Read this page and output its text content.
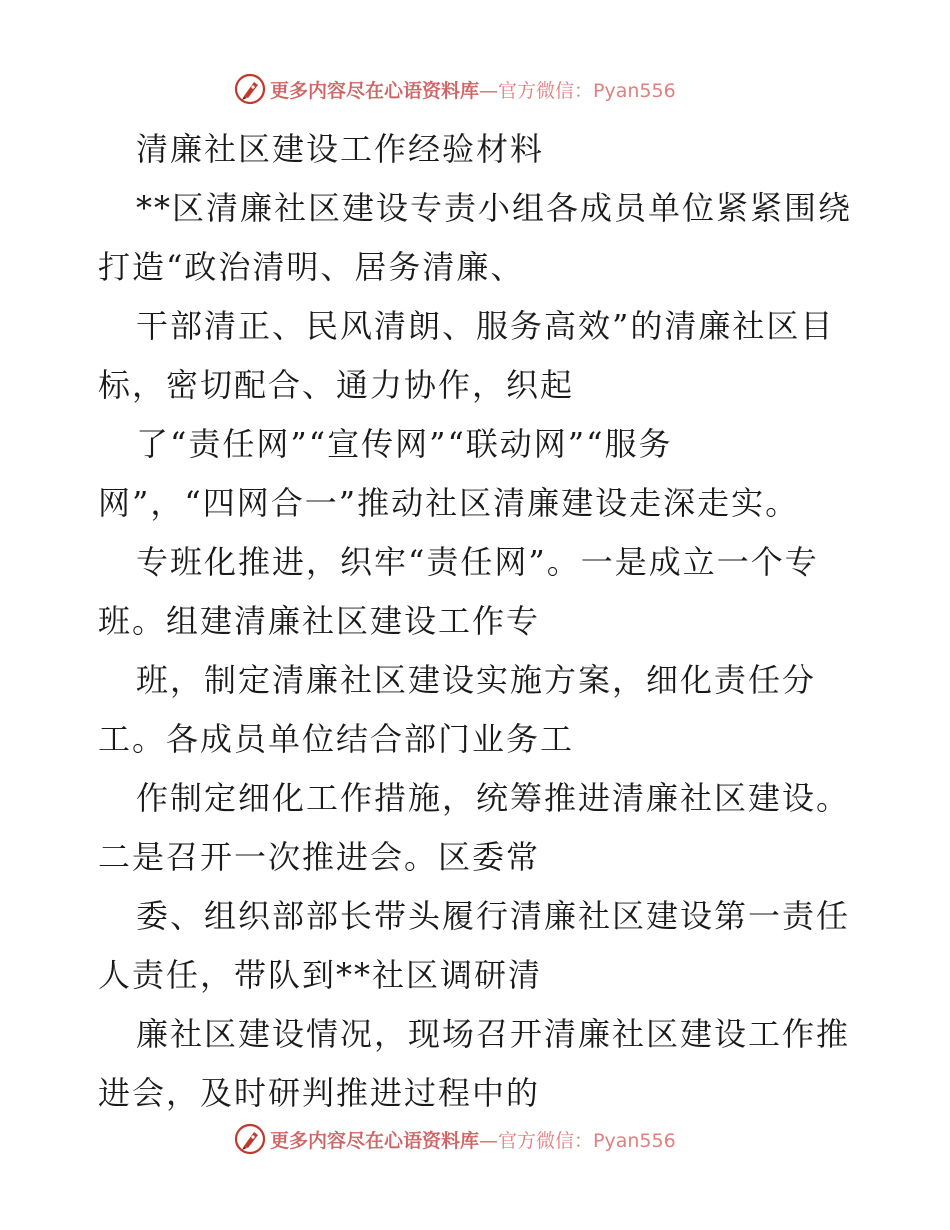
更多内容尽在心语资料库—官方微信：Pyan556
清廉社区建设工作经验材料
**区清廉社区建设专责小组各成员单位紧紧围绕
打造“政治清明、居务清廉、
干部清正、民风清朗、服务高效”的清廉社区目
标，密切配合、通力协作，织起
了“责任网”“宣传网”“联动网”“服务
网”，“四网合一”推动社区清廉建设走深走实。
专班化推进，织牢“责任网”。一是成立一个专
班。组建清廉社区建设工作专
班，制定清廉社区建设实施方案，细化责任分
工。各成员单位结合部门业务工
作制定细化工作措施，统筹推进清廉社区建设。
二是召开一次推进会。区委常
委、组织部部长带头履行清廉社区建设第一责任
人责任，带队到**社区调研清
廉社区建设情况，现场召开清廉社区建设工作推
进会，及时研判推进过程中的
更多内容尽在心语资料库—官方微信：Pyan556
